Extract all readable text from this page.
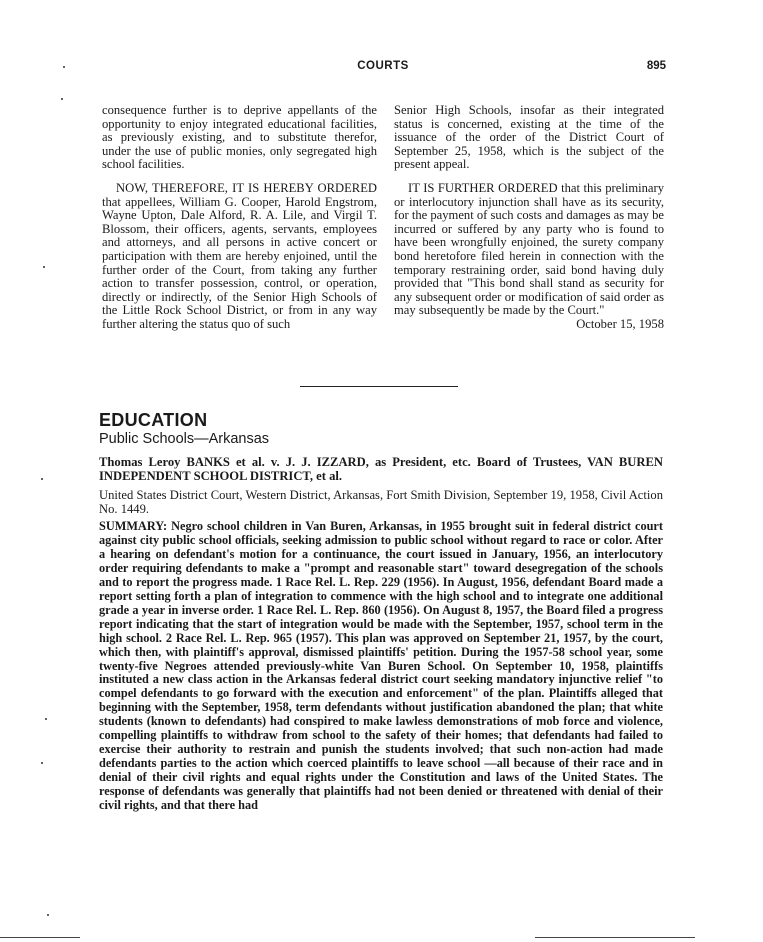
COURTS	895

consequence further is to deprive appellants of the opportunity to enjoy integrated educational facilities, as previously existing, and to substitute therefor, under the use of public monies, only segregated high school facilities.

NOW, THEREFORE, IT IS HEREBY ORDERED that appellees, William G. Cooper, Harold Engstrom, Wayne Upton, Dale Alford, R. A. Lile, and Virgil T. Blossom, their officers, agents, servants, employees and attorneys, and all persons in active concert or participation with them are hereby enjoined, until the further order of the Court, from taking any further action to transfer possession, control, or operation, directly or indirectly, of the Senior High Schools of the Little Rock School District, or from in any way further altering the status quo of such

Senior High Schools, insofar as their integrated status is concerned, existing at the time of the issuance of the order of the District Court of September 25, 1958, which is the subject of the present appeal.

IT IS FURTHER ORDERED that this preliminary or interlocutory injunction shall have as its security, for the payment of such costs and damages as may be incurred or suffered by any party who is found to have been wrongfully enjoined, the surety company bond heretofore filed herein in connection with the temporary restraining order, said bond having duly provided that "This bond shall stand as security for any subsequent order or modification of said order as may subsequently be made by the Court."

October 15, 1958
EDUCATION
Public Schools—Arkansas
Thomas Leroy BANKS et al. v. J. J. IZZARD, as President, etc. Board of Trustees, VAN BUREN INDEPENDENT SCHOOL DISTRICT, et al.
United States District Court, Western District, Arkansas, Fort Smith Division, September 19, 1958, Civil Action No. 1449.
SUMMARY: Negro school children in Van Buren, Arkansas, in 1955 brought suit in federal district court against city public school officials, seeking admission to public school without regard to race or color. After a hearing on defendant's motion for a continuance, the court issued in January, 1956, an interlocutory order requiring defendants to make a "prompt and reasonable start" toward desegregation of the schools and to report the progress made. 1 Race Rel. L. Rep. 229 (1956). In August, 1956, defendant Board made a report setting forth a plan of integration to commence with the high school and to integrate one additional grade a year in inverse order. 1 Race Rel. L. Rep. 860 (1956). On August 8, 1957, the Board filed a progress report indicating that the start of integration would be made with the September, 1957, school term in the high school. 2 Race Rel. L. Rep. 965 (1957). This plan was approved on September 21, 1957, by the court, which then, with plaintiff's approval, dismissed plaintiffs' petition. During the 1957-58 school year, some twenty-five Negroes attended previously-white Van Buren School. On September 10, 1958, plaintiffs instituted a new class action in the Arkansas federal district court seeking mandatory injunctive relief "to compel defendants to go forward with the execution and enforcement" of the plan. Plaintiffs alleged that beginning with the September, 1958, term defendants without justification abandoned the plan; that white students (known to defendants) had conspired to make lawless demonstrations of mob force and violence, compelling plaintiffs to withdraw from school to the safety of their homes; that defendants had failed to exercise their authority to restrain and punish the students involved; that such non-action had made defendants parties to the action which coerced plaintiffs to leave school —all because of their race and in denial of their civil rights and equal rights under the Constitution and laws of the United States. The response of defendants was generally that plaintiffs had not been denied or threatened with denial of their civil rights, and that there had
